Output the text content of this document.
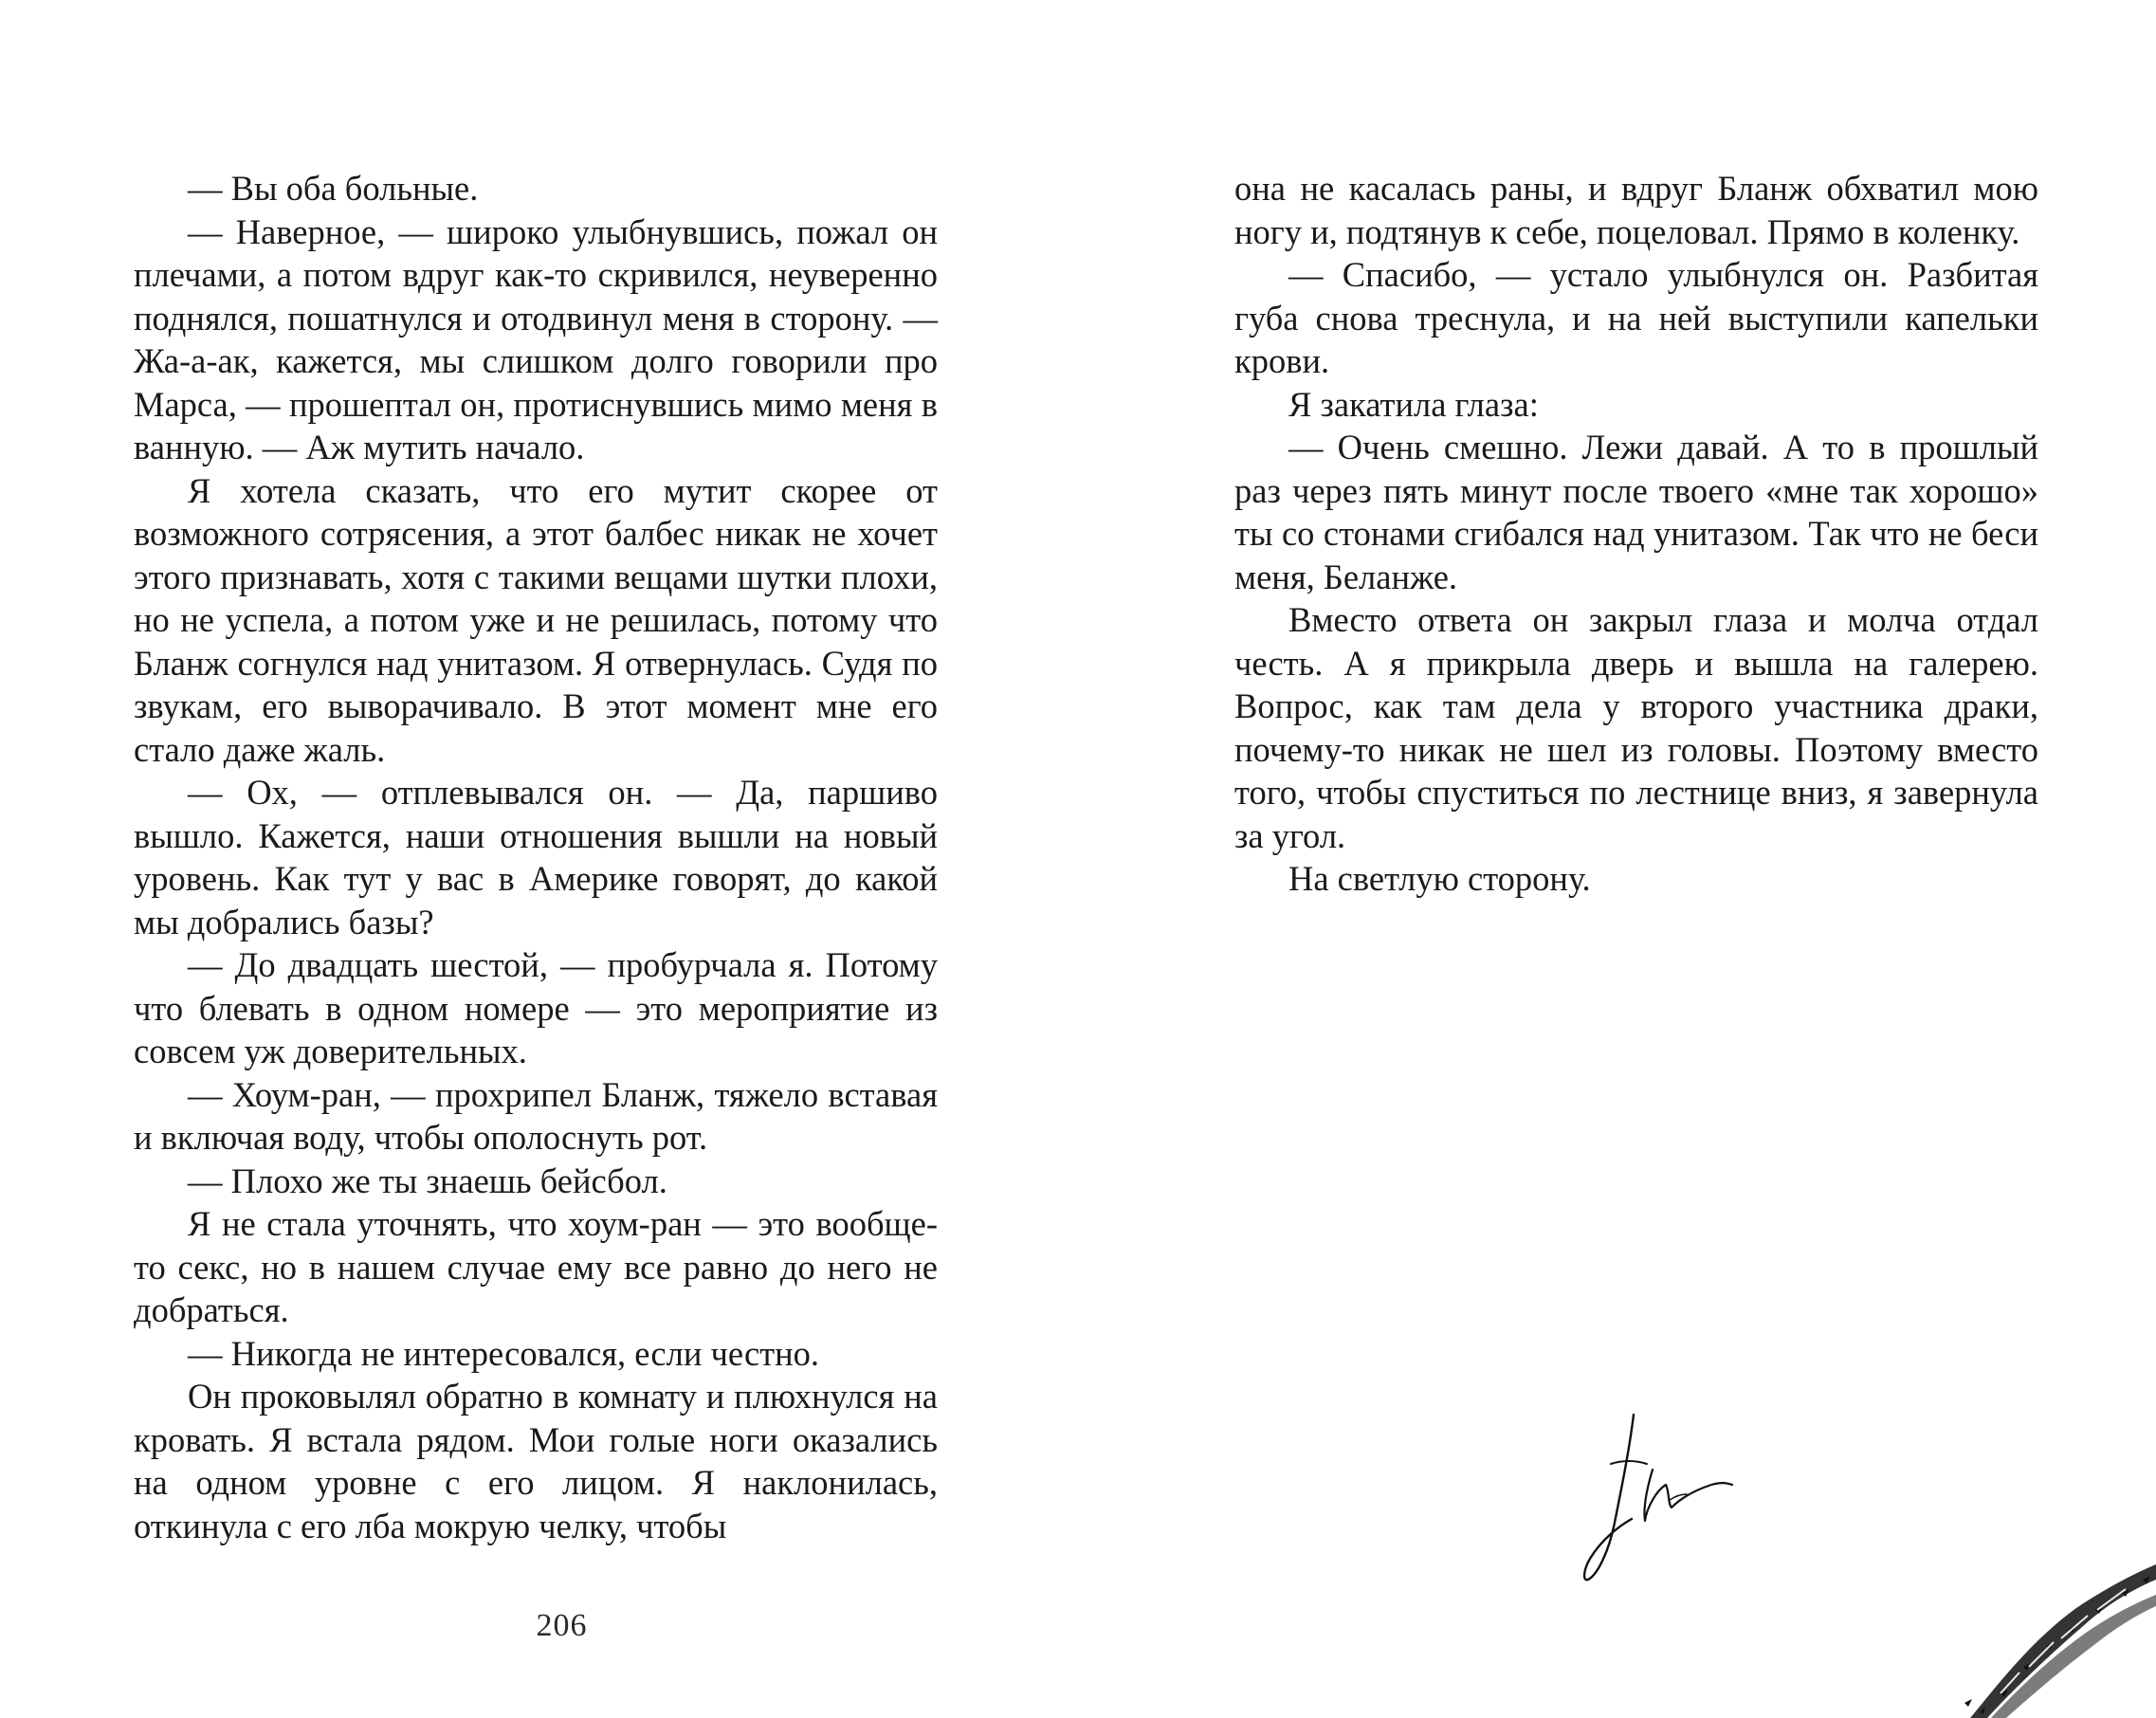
— Вы оба больные.

— Наверное, — широко улыбнувшись, пожал он плечами, а потом вдруг как-то скривился, неуверенно поднялся, пошатнулся и отодвинул меня в сторону. — Жа-а-ак, кажется, мы слишком долго говорили про Марса, — прошептал он, протиснувшись мимо меня в ванную. — Аж мутить начало.

Я хотела сказать, что его мутит скорее от возможного сотрясения, а этот балбес никак не хочет этого признавать, хотя с такими вещами шутки плохи, но не успела, а потом уже и не решилась, потому что Бланж согнулся над унитазом. Я отвернулась. Судя по звукам, его выворачивало. В этот момент мне его стало даже жаль.

— Ох, — отплевывался он. — Да, паршиво вышло. Кажется, наши отношения вышли на новый уровень. Как тут у вас в Америке говорят, до какой мы добрались базы?

— До двадцать шестой, — пробурчала я. Потому что блевать в одном номере — это мероприятие из совсем уж доверительных.

— Хоум-ран, — прохрипел Бланж, тяжело вставая и включая воду, чтобы ополоснуть рот.

— Плохо же ты знаешь бейсбол.

Я не стала уточнять, что хоум-ран — это вообще-то секс, но в нашем случае ему все равно до него не добраться.

— Никогда не интересовался, если честно.

Он проковылял обратно в комнату и плюхнулся на кровать. Я встала рядом. Мои голые ноги оказались на одном уровне с его лицом. Я наклонилась, откинула с его лба мокрую челку, чтобы

206

она не касалась раны, и вдруг Бланж обхватил мою ногу и, подтянув к себе, поцеловал. Прямо в коленку.

— Спасибо, — устало улыбнулся он. Разбитая губа снова треснула, и на ней выступили капельки крови.

Я закатила глаза:

— Очень смешно. Лежи давай. А то в прошлый раз через пять минут после твоего «мне так хорошо» ты со стонами сгибался над унитазом. Так что не беси меня, Беланже.

Вместо ответа он закрыл глаза и молча отдал честь. А я прикрыла дверь и вышла на галерею. Вопрос, как там дела у второго участника драки, почему-то никак не шел из головы. Поэтому вместо того, чтобы спуститься по лестнице вниз, я завернула за угол.

На светлую сторону.
